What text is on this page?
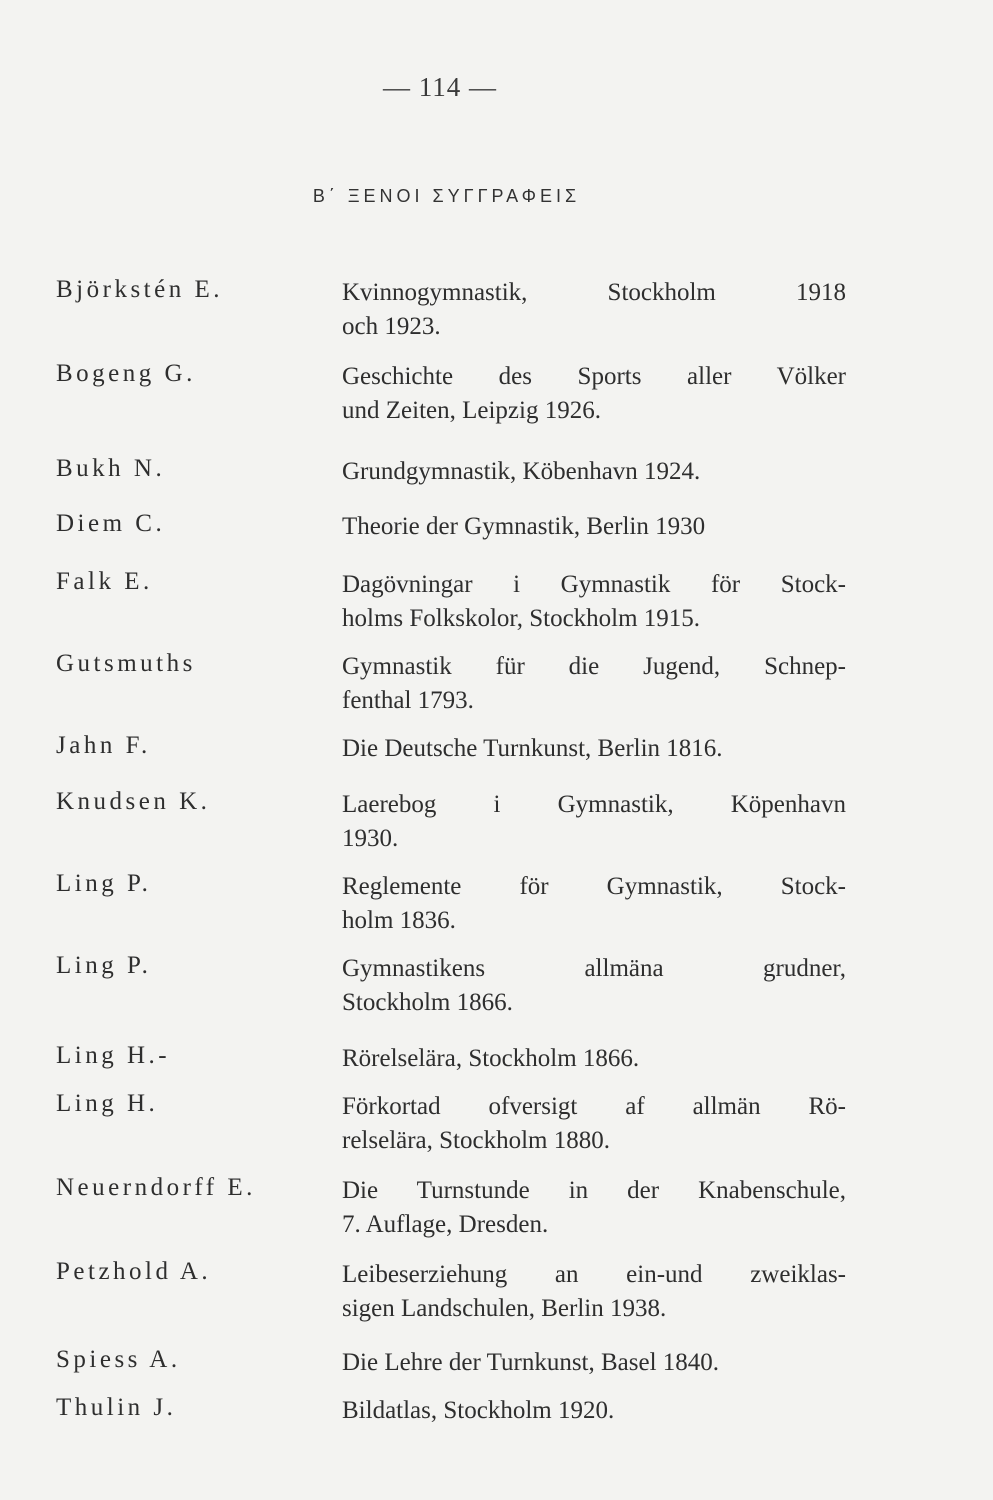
— 114 —
Β΄ ΞΕΝΟΙ ΣΥΓΓΡΑΦΕΙΣ
Björkstén E.	Kvinnogymnastik, Stockholm 1918
och 1923.
Bogeng G.	Geschichte des Sports aller Völker
und Zeiten, Leipzig 1926.
Bukh N.	Grundgymnastik, Köbenhavn 1924.
Diem C.	Theorie der Gymnastik, Berlin 1930
Falk E.	Dagövningar i Gymnastik för Stock-
holms Folkskolor, Stockholm 1915.
Gutsmuths	Gymnastik für die Jugend, Schnep-
fenthal 1793.
Jahn F.	Die Deutsche Turnkunst, Berlin 1816.
Knudsen K.	Laerebog i Gymnastik, Köpenhavn
1930.
Ling P.	Reglemente för Gymnastik, Stock-
holm 1836.
Ling P.	Gymnastikens allmäna grudner,
Stockholm 1866.
Ling H.-	Rörelselära, Stockholm 1866.
Ling H.	Förkortad ofversigt af allmän Rö-
relselära, Stockholm 1880.
Neuerndorff E.	Die Turnstunde in der Knabenschule,
7. Auflage, Dresden.
Petzhold A.	Leibeserziehung an ein-und zweiklas-
sigen Landschulen, Berlin 1938.
Spiess A.	Die Lehre der Turnkunst, Basel 1840.
Thulin J.	Bildatlas, Stockholm 1920.
